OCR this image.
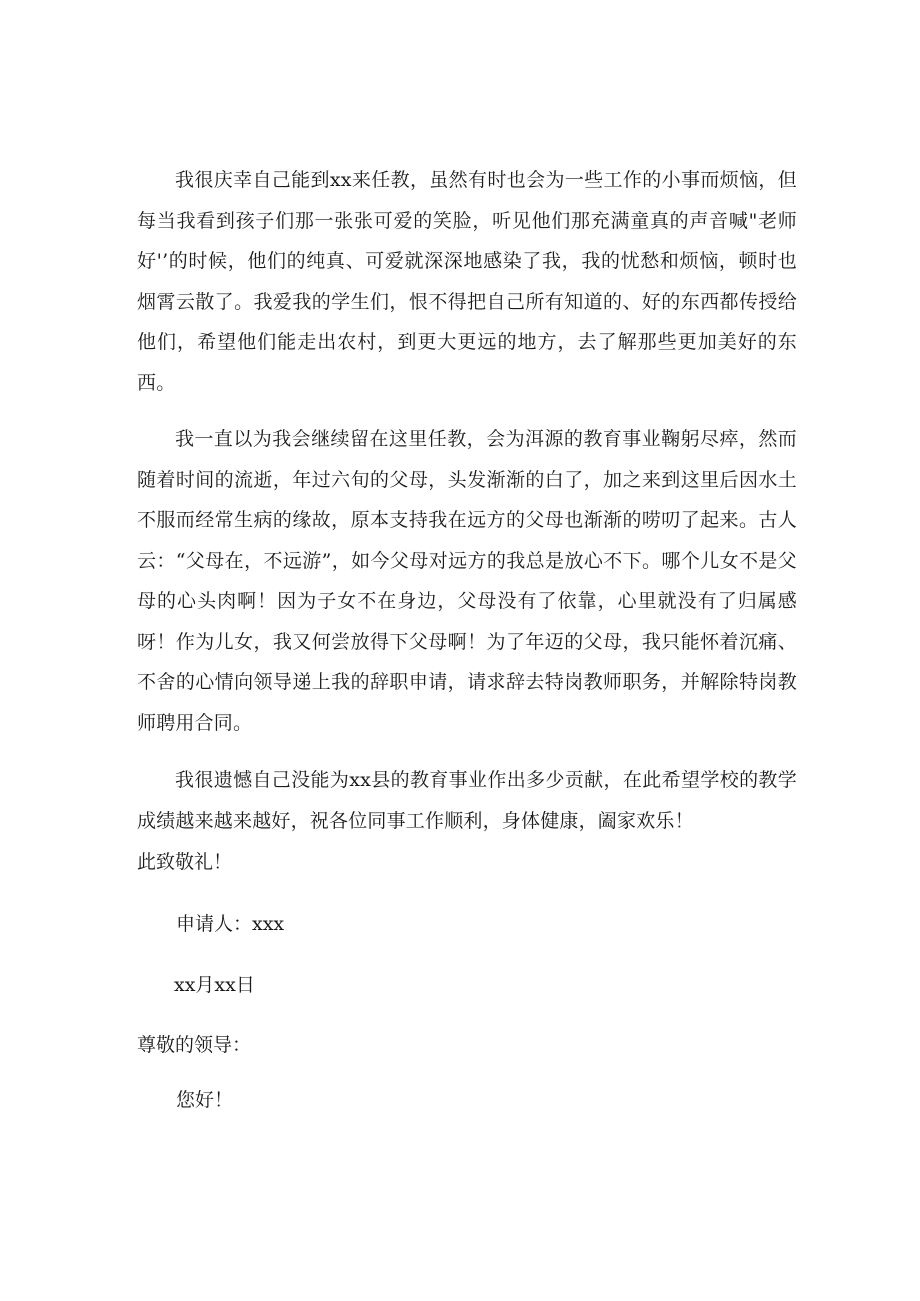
我很庆幸自己能到xx来任教，虽然有时也会为一些工作的小事而烦恼，但每当我看到孩子们那一张张可爱的笑脸，听见他们那充满童真的声音喊"老师好'’的时候，他们的纯真、可爱就深深地感染了我，我的忧愁和烦恼，顿时也烟霄云散了。我爱我的学生们，恨不得把自己所有知道的、好的东西都传授给他们，希望他们能走出农村，到更大更远的地方，去了解那些更加美好的东西。

我一直以为我会继续留在这里任教，会为洱源的教育事业鞠躬尽瘁，然而随着时间的流逝，年过六旬的父母，头发渐渐的白了，加之来到这里后因水土不服而经常生病的缘故，原本支持我在远方的父母也渐渐的唠叨了起来。古人云：“父母在，不远游”，如今父母对远方的我总是放心不下。哪个儿女不是父母的心头肉啊！因为子女不在身边，父母没有了依靠，心里就没有了归属感呀！作为儿女，我又何尝放得下父母啊！为了年迈的父母，我只能怀着沉痛、不舍的心情向领导递上我的辞职申请，请求辞去特岗教师职务，并解除特岗教师聘用合同。

我很遗憾自己没能为xx县的教育事业作出多少贡献，在此希望学校的教学成绩越来越来越好，祝各位同事工作顺利，身体健康，阖家欢乐！

此致敬礼！
申请人：xxx
xx月xx日
尊敬的领导：
您好！
